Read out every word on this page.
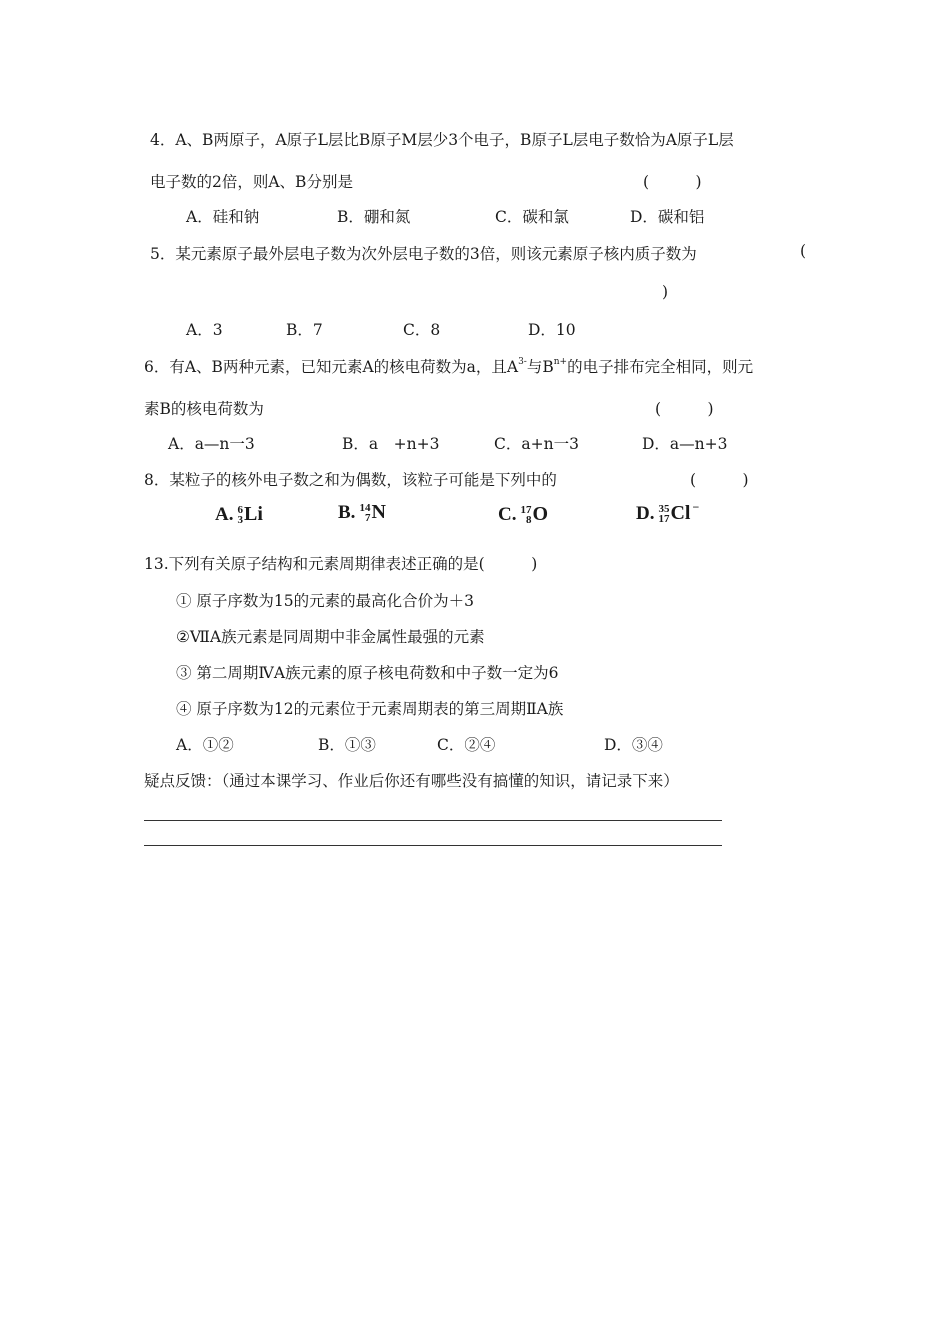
4．A、B两原子，A原子L层比B原子M层少3个电子，B原子L层电子数恰为A原子L层
电子数的2倍，则A、B分别是	(　　　)
A．硅和钠	B．硼和氮	C．碳和氯	D．碳和铝
5．某元素原子最外层电子数为次外层电子数的3倍，则该元素原子核内质子数为	(
)
A．3	B．7	C．8	D．10
6．有A、B两种元素，已知元素A的核电荷数为a，且$A^{3-}$与$B^{n+}$的电子排布完全相同，则元
素B的核电荷数为	(　　　)
A．a—n一3	B．a　+n+3	C．a+n一3	D．a—n+3
8．某粒子的核外电子数之和为偶数，该粒子可能是下列中的	(　　　)
A. 6
3 Li	B. 14
7 N	C. 17
8 O	D. 35
17 Cl −
13.下列有关原子结构和元素周期律表述正确的是(　　　)
① 原子序数为15的元素的最高化合价为＋3
②ⅦA族元素是同周期中非金属性最强的元素
③ 第二周期ⅣA族元素的原子核电荷数和中子数一定为6
④ 原子序数为12的元素位于元素周期表的第三周期ⅡA族
A．①②	B．①③	C．②④	D．③④
疑点反馈：（通过本课学习、作业后你还有哪些没有搞懂的知识，请记录下来）
